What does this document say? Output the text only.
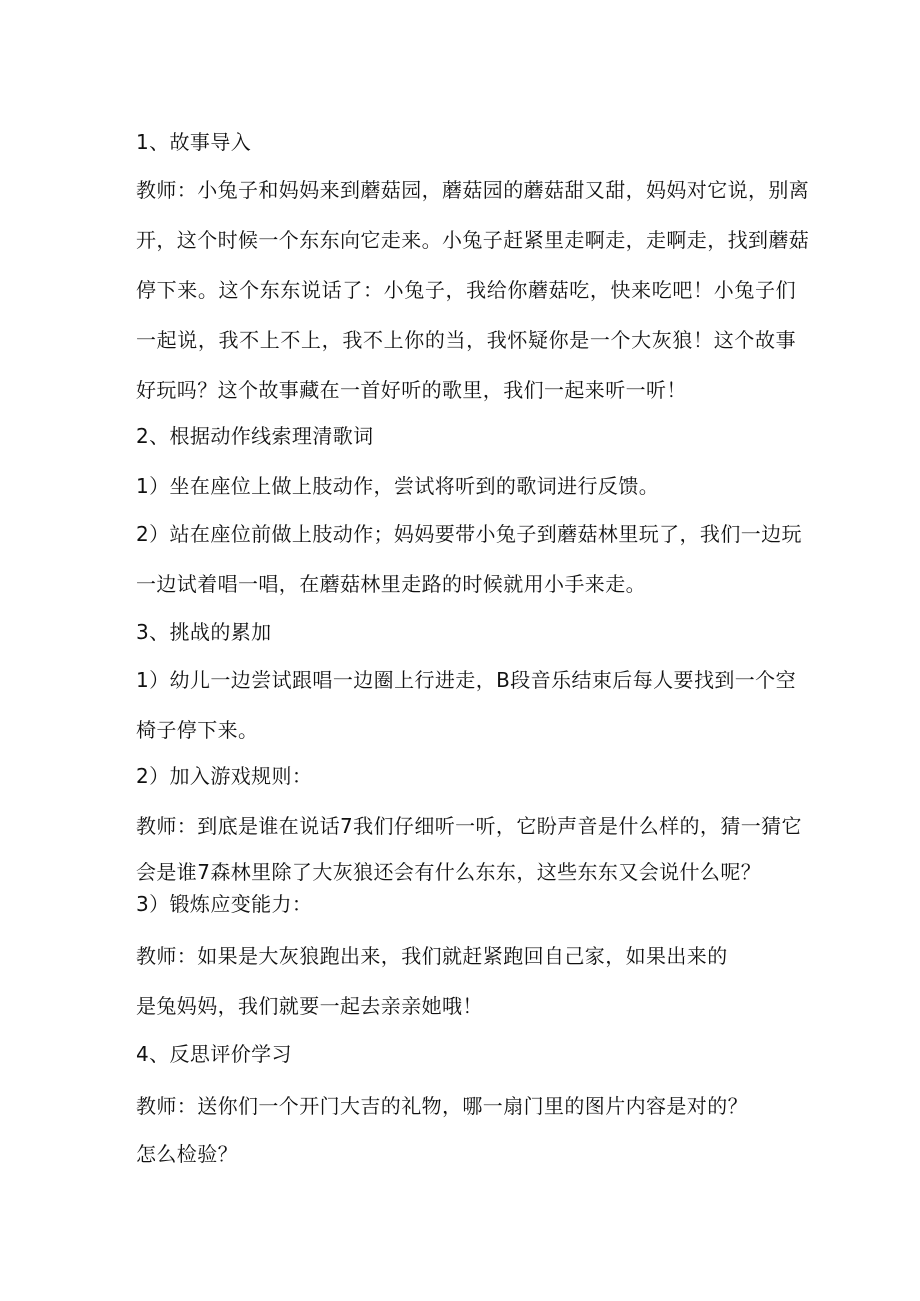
1、故事导入
教师：小兔子和妈妈来到蘑菇园，蘑菇园的蘑菇甜又甜，妈妈对它说，别离
开，这个时候一个东东向它走来。小兔子赶紧里走啊走，走啊走，找到蘑菇
停下来。这个东东说话了：小兔子，我给你蘑菇吃，快来吃吧！小兔子们
一起说，我不上不上，我不上你的当，我怀疑你是一个大灰狼！这个故事
好玩吗？这个故事藏在一首好听的歌里，我们一起来听一听！
2、根据动作线索理清歌词
1）坐在座位上做上肢动作，尝试将听到的歌词进行反馈。
2）站在座位前做上肢动作；妈妈要带小兔子到蘑菇林里玩了，我们一边玩
一边试着唱一唱，在蘑菇林里走路的时候就用小手来走。
3、挑战的累加
1）幼儿一边尝试跟唱一边圈上行进走，B段音乐结束后每人要找到一个空
椅子停下来。
2）加入游戏规则：
教师：到底是谁在说话7我们仔细听一听，它盼声音是什么样的，猜一猜它
会是谁7森林里除了大灰狼还会有什么东东，这些东东又会说什么呢？
3）锻炼应变能力：
教师：如果是大灰狼跑出来，我们就赶紧跑回自己家，如果出来的
是兔妈妈，我们就要一起去亲亲她哦！
4、反思评价学习
教师：送你们一个开门大吉的礼物，哪一扇门里的图片内容是对的？
怎么检验？
